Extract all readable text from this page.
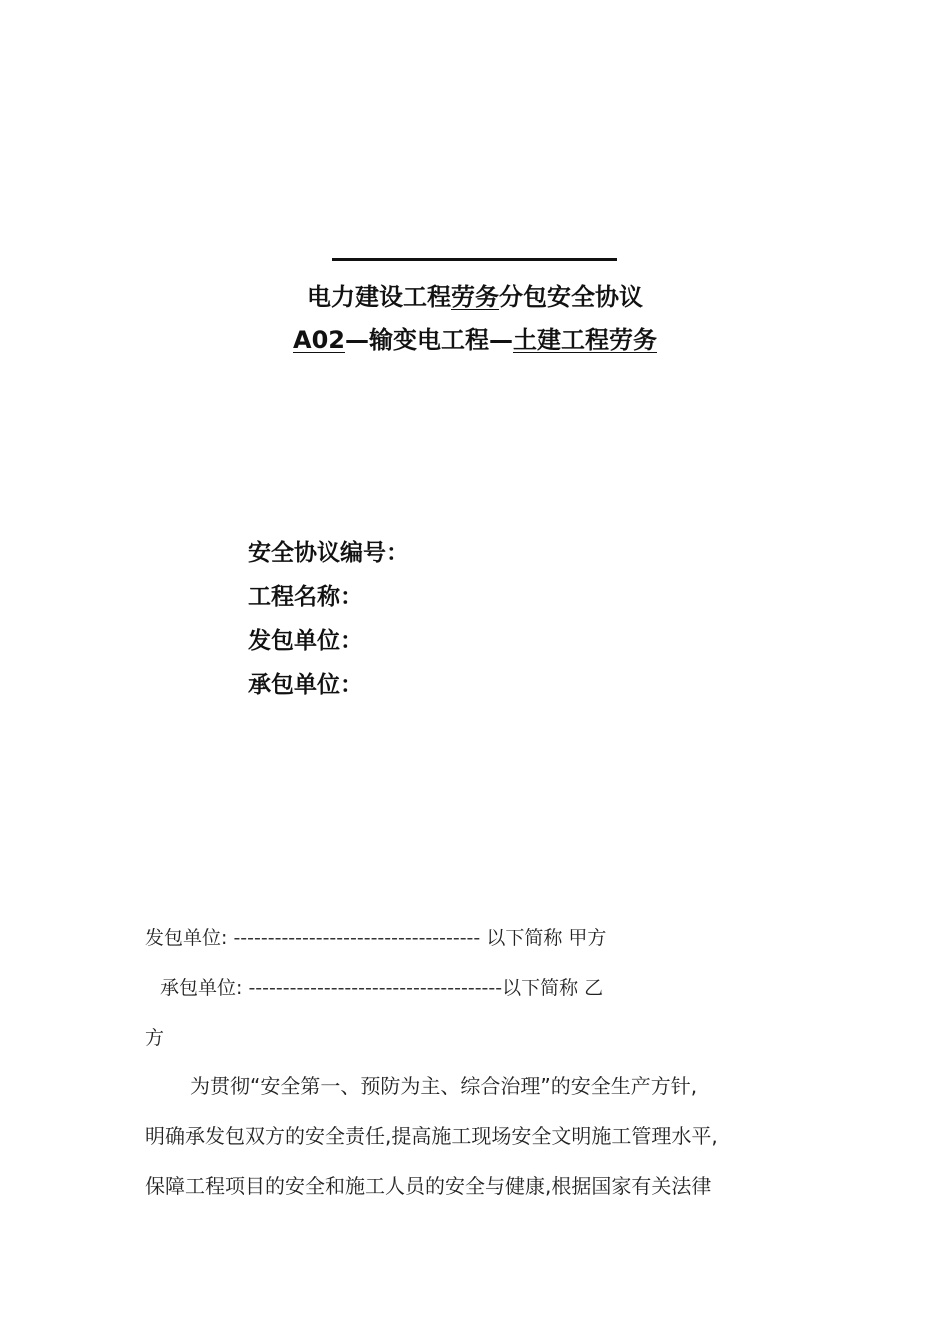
电力建设工程劳务分包安全协议
A02—输变电工程—土建工程劳务
安全协议编号：
工程名称：
发包单位：
承包单位：
发包单位: ------------------------------------ 以下简称 甲方
承包单位: -------------------------------------以下简称 乙
方
为贯彻“安全第一、预防为主、综合治理”的安全生产方针,
明确承发包双方的安全责任,提高施工现场安全文明施工管理水平,
保障工程项目的安全和施工人员的安全与健康,根据国家有关法律
